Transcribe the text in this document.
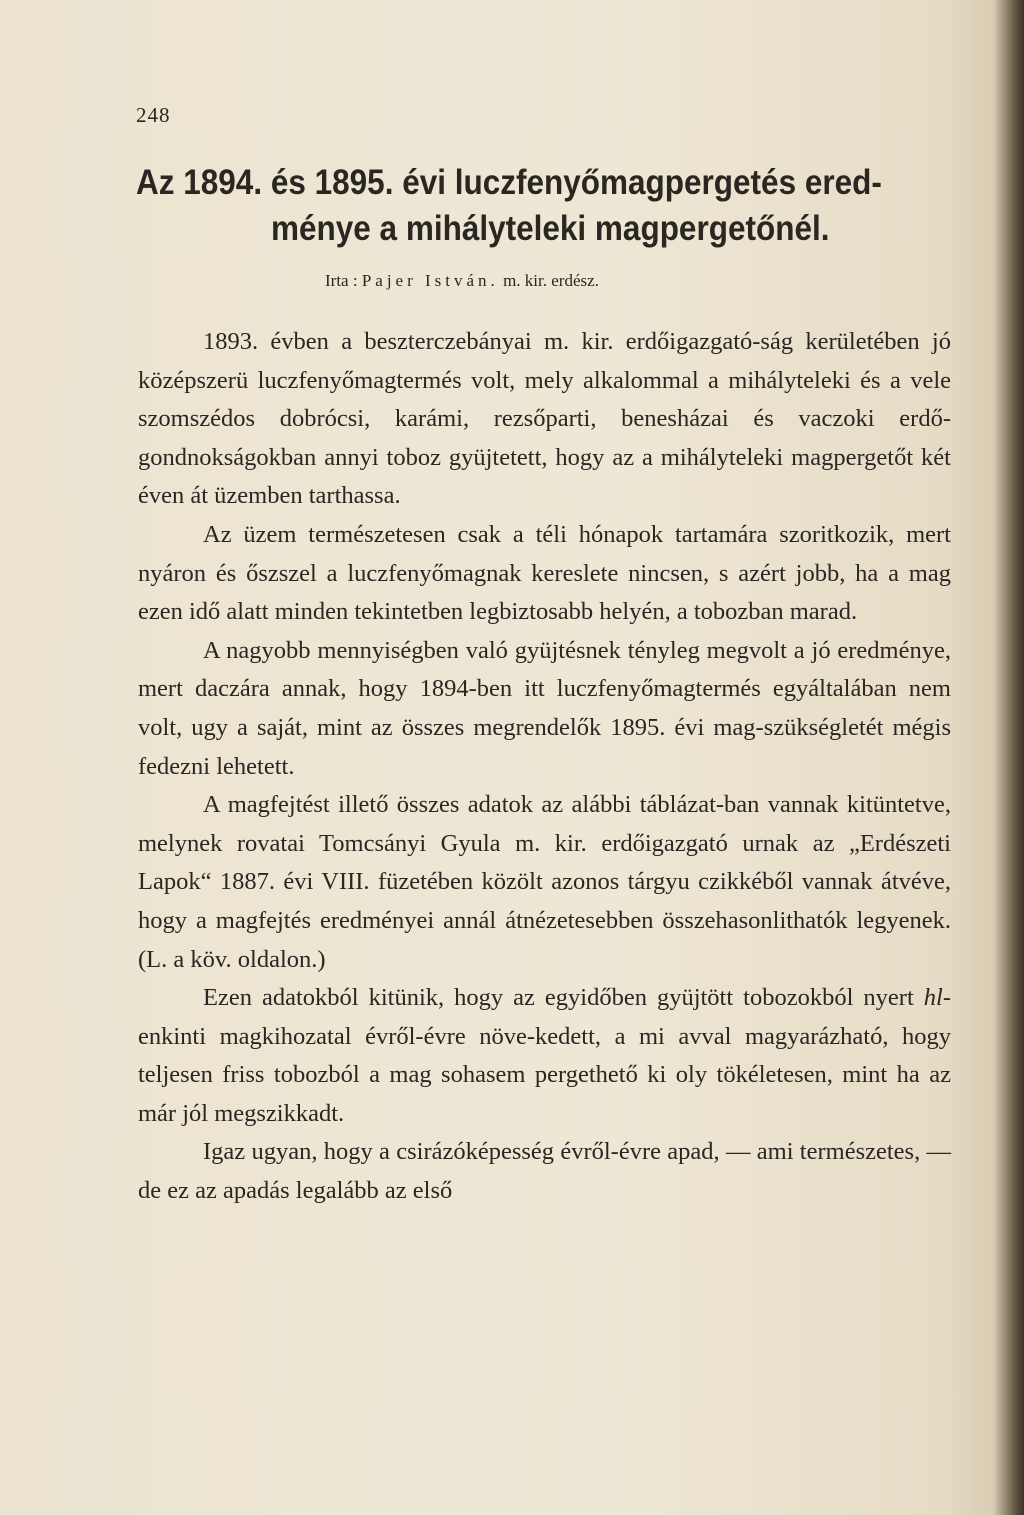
248
Az 1894. és 1895. évi luczfenyőmagpergetés ered-
ménye a mihályteleki magpergetőnél.
Irta : Pajer István. m. kir. erdész.

1893. évben a beszterczebányai m. kir. erdőigazgató-ság kerületében jó középszerü luczfenyőmagtermés volt, mely alkalommal a mihályteleki és a vele szomszédos dobrócsi, karámi, rezsőparti, benesházai és vaczoki erdő-gondnokságokban annyi toboz gyüjtetett, hogy az a mihályteleki magpergetőt két éven át üzemben tarthassa.

Az üzem természetesen csak a téli hónapok tartamára szoritkozik, mert nyáron és őszszel a luczfenyőmagnak kereslete nincsen, s azért jobb, ha a mag ezen idő alatt minden tekintetben legbiztosabb helyén, a tobozban marad.

A nagyobb mennyiségben való gyüjtésnek tényleg megvolt a jó eredménye, mert daczára annak, hogy 1894-ben itt luczfenyőmagtermés egyáltalában nem volt, ugy a saját, mint az összes megrendelők 1895. évi mag-szükségletét mégis fedezni lehetett.

A magfejtést illető összes adatok az alábbi táblázat-ban vannak kitüntetve, melynek rovatai Tomcsányi Gyula m. kir. erdőigazgató urnak az „Erdészeti Lapok“ 1887. évi VIII. füzetében közölt azonos tárgyu czikkéből vannak átvéve, hogy a magfejtés eredményei annál átnézetesebben összehasonlithatók legyenek. (L. a köv. oldalon.)

Ezen adatokból kitünik, hogy az egyidőben gyüjtött tobozokból nyert hl-enkinti magkihozatal évről-évre növe-kedett, a mi avval magyarázható, hogy teljesen friss tobozból a mag sohasem pergethető ki oly tökéletesen, mint ha az már jól megszikkadt.

Igaz ugyan, hogy a csirázóképesség évről-évre apad, — ami természetes, — de ez az apadás legalább az első
